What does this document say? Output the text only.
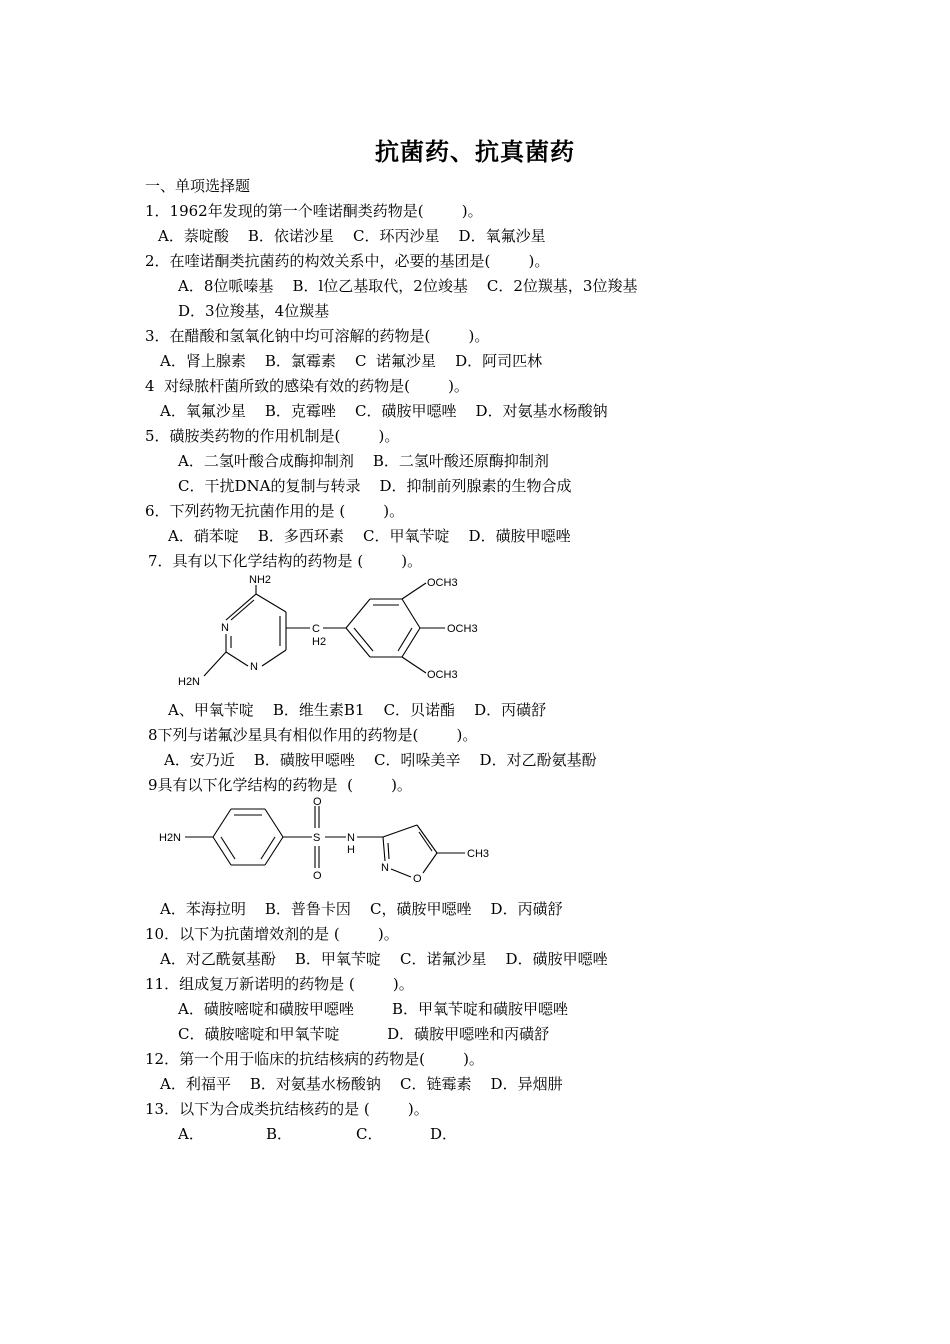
抗菌药、抗真菌药
一、单项选择题
1．1962年发现的第一个喹诺酮类药物是(        )。
A．萘啶酸    B．依诺沙星    C．环丙沙星    D．氧氟沙星
2．在喹诺酮类抗菌药的构效关系中，必要的基团是(        )。
A．8位哌嗪基    B．l位乙基取代，2位竣基    C．2位羰基，3位羧基
D．3位羧基，4位羰基
3．在醋酸和氢氧化钠中均可溶解的药物是(        )。
A．肾上腺素    B．氯霉素    C  诺氟沙星    D．阿司匹林
4  对绿脓杆菌所致的感染有效的药物是(        )。
A．氧氟沙星    B．克霉唑    C．磺胺甲噁唑    D．对氨基水杨酸钠
5．磺胺类药物的作用机制是(        )。
A．二氢叶酸合成酶抑制剂    B．二氢叶酸还原酶抑制剂
C．干扰DNA的复制与转录    D．抑制前列腺素的生物合成
6．下列药物无抗菌作用的是 (        )。
A．硝苯啶    B．多西环素    C．甲氧苄啶    D．磺胺甲噁唑
7．具有以下化学结构的药物是 (        )。
NH2
N
N
H2N
C
H2
OCH3
OCH3
OCH3
A、甲氧苄啶    B．维生素B1    C．贝诺酯    D．丙磺舒
8下列与诺氟沙星具有相似作用的药物是(        )。
A．安乃近    B．磺胺甲噁唑    C．吲哚美辛    D．对乙酚氨基酚
9具有以下化学结构的药物是  (        )。
H2N	S
O
O
N
H
N
O
CH3
A．苯海拉明    B．普鲁卡因    C，磺胺甲噁唑    D．丙磺舒
10．以下为抗菌增效剂的是 (        )。
A．对乙酰氨基酚    B．甲氧苄啶    C．诺氟沙星    D．磺胺甲噁唑
11．组成复万新诺明的药物是 (        )。
A．磺胺嘧啶和磺胺甲噁唑        B．甲氧苄啶和磺胺甲噁唑
C．磺胺嘧啶和甲氧苄啶          D．磺胺甲噁唑和丙磺舒
12．第一个用于临床的抗结核病的药物是(        )。
A．利福平    B．对氨基水杨酸钠    C．链霉素    D．异烟肼
13．以下为合成类抗结核药的是 (        )。
A．	B．	C．	D．
